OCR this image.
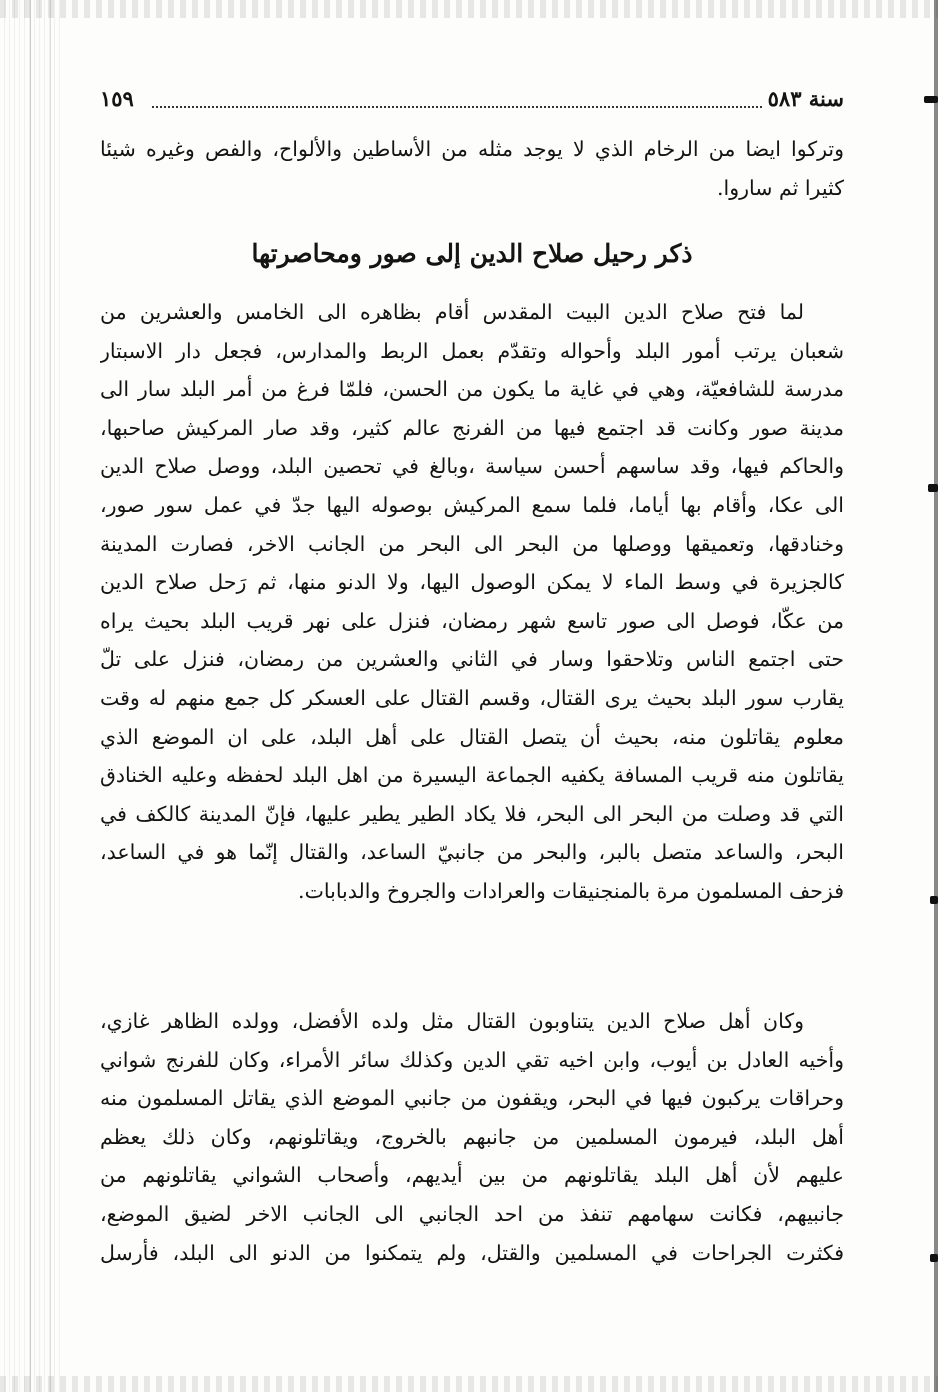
سنة ٥٨٣
١٥٩
وتركوا ايضا من الرخام الذي لا يوجد مثله من الأساطين والألواح، والفص وغيره شيئا
كثيرا ثم ساروا.
ذكر رحيل صلاح الدين إلى صور ومحاصرتها
لما فتح صلاح الدين البيت المقدس أقام بظاهره الى الخامس والعشرين من
شعبان يرتب أمور البلد وأحواله وتقدّم بعمل الربط والمدارس، فجعل دار الاسبتار
مدرسة للشافعيّة، وهي في غاية ما يكون من الحسن، فلمّا فرغ من أمر البلد سار الى
مدينة صور وكانت قد اجتمع فيها من الفرنج عالم كثير، وقد صار المركيش صاحبها،
والحاكم فيها، وقد ساسهم أحسن سياسة ،وبالغ في تحصين البلد، ووصل صلاح الدين
الى عكا، وأقام بها أياما، فلما سمع المركيش بوصوله اليها جدّ في عمل سور صور،
وخنادقها، وتعميقها ووصلها من البحر الى البحر من الجانب الاخر، فصارت المدينة
كالجزيرة في وسط الماء لا يمكن الوصول اليها، ولا الدنو منها، ثم رَحل صلاح الدين
من عكّا، فوصل الى صور تاسع شهر رمضان، فنزل على نهر قريب البلد بحيث يراه
حتى اجتمع الناس وتلاحقوا وسار في الثاني والعشرين من رمضان، فنزل على تلّ
يقارب سور البلد بحيث يرى القتال، وقسم القتال على العسكر كل جمع منهم له وقت
معلوم يقاتلون منه، بحيث أن يتصل القتال على أهل البلد، على ان الموضع الذي
يقاتلون منه قريب المسافة يكفيه الجماعة اليسيرة من اهل البلد لحفظه وعليه الخنادق
التي قد وصلت من البحر الى البحر، فلا يكاد الطير يطير عليها، فإنّ المدينة كالكف في
البحر، والساعد متصل بالبر، والبحر من جانبيّ الساعد، والقتال إنّما هو في الساعد،
فزحف المسلمون مرة بالمنجنيقات والعرادات والجروخ والدبابات.
وكان أهل صلاح الدين يتناوبون القتال مثل ولده الأفضل، وولده الظاهر غازي،
وأخيه العادل بن أيوب، وابن اخيه تقي الدين وكذلك سائر الأمراء، وكان للفرنج شواني
وحراقات يركبون فيها في البحر، ويقفون من جانبي الموضع الذي يقاتل المسلمون منه
أهل البلد، فيرمون المسلمين من جانبهم بالخروج، ويقاتلونهم، وكان ذلك يعظم
عليهم لأن أهل البلد يقاتلونهم من بين أيديهم، وأصحاب الشواني يقاتلونهم من
جانبيهم، فكانت سهامهم تنفذ من احد الجانبي الى الجانب الاخر لضيق الموضع،
فكثرت الجراحات في المسلمين والقتل، ولم يتمكنوا من الدنو الى البلد، فأرسل
